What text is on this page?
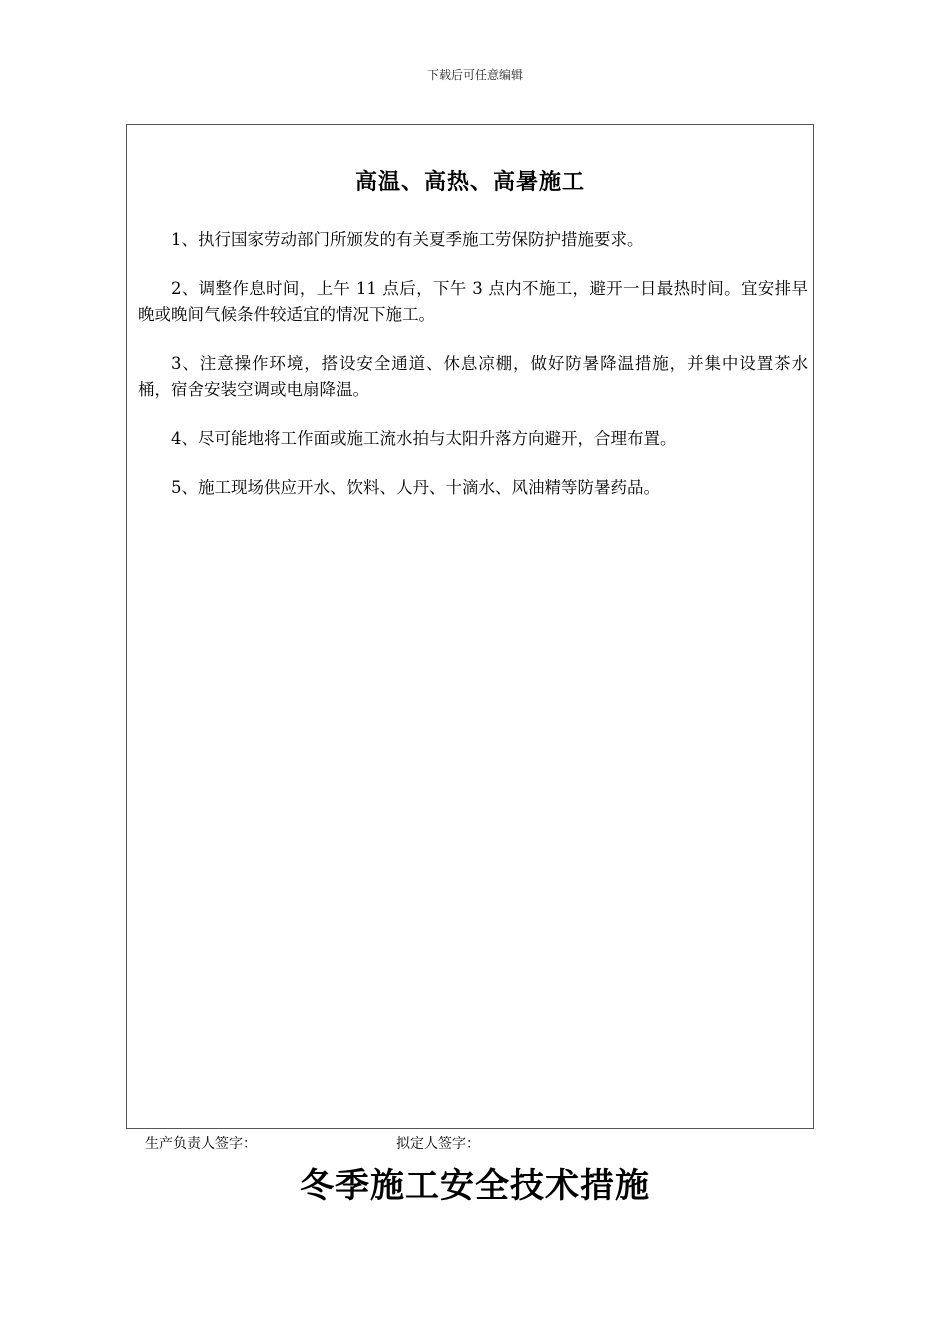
下载后可任意编辑
高温、高热、高暑施工

1、执行国家劳动部门所颁发的有关夏季施工劳保防护措施要求。

2、调整作息时间，上午 11 点后，下午 3 点内不施工，避开一日最热时间。宜安排早晚或晚间气候条件较适宜的情况下施工。

3、注意操作环境，搭设安全通道、休息凉棚，做好防暑降温措施，并集中设置茶水桶，宿舍安装空调或电扇降温。

4、尽可能地将工作面或施工流水拍与太阳升落方向避开，合理布置。

5、施工现场供应开水、饮料、人丹、十滴水、风油精等防暑药品。

生产负责人签字：	拟定人签字：
冬季施工安全技术措施
